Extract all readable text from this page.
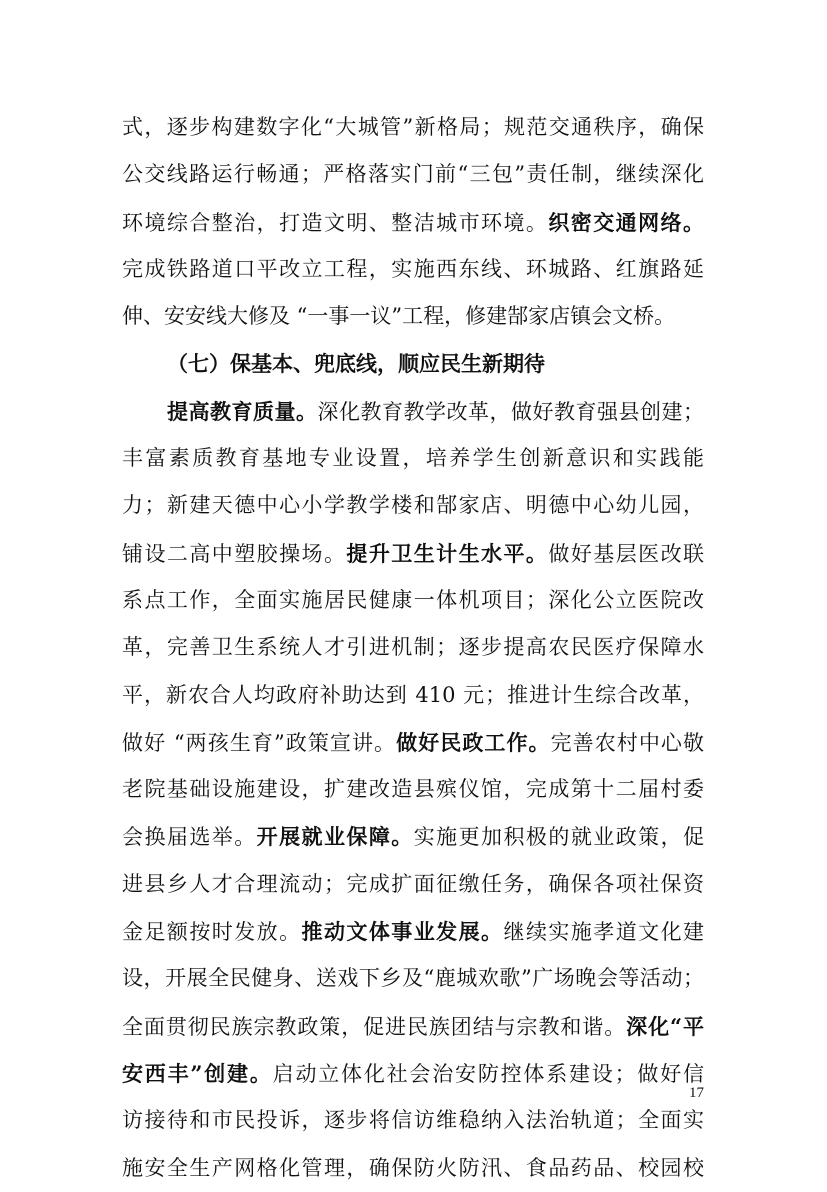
式，逐步构建数字化“大城管”新格局；规范交通秩序，确保
公交线路运行畅通；严格落实门前“三包”责任制，继续深化
环境综合整治，打造文明、整洁城市环境。织密交通网络。
完成铁路道口平改立工程，实施西东线、环城路、红旗路延
伸、安安线大修及 “一事一议”工程，修建郜家店镇会文桥。
（七）保基本、兜底线，顺应民生新期待
提高教育质量。深化教育教学改革，做好教育强县创建；
丰富素质教育基地专业设置，培养学生创新意识和实践能
力；新建天德中心小学教学楼和郜家店、明德中心幼儿园，
铺设二高中塑胶操场。提升卫生计生水平。做好基层医改联
系点工作，全面实施居民健康一体机项目；深化公立医院改
革，完善卫生系统人才引进机制；逐步提高农民医疗保障水
平，新农合人均政府补助达到 410 元；推进计生综合改革，
做好 “两孩生育”政策宣讲。做好民政工作。完善农村中心敬
老院基础设施建设，扩建改造县殡仪馆，完成第十二届村委
会换届选举。开展就业保障。实施更加积极的就业政策，促
进县乡人才合理流动；完成扩面征缴任务，确保各项社保资
金足额按时发放。推动文体事业发展。继续实施孝道文化建
设，开展全民健身、送戏下乡及“鹿城欢歌”广场晚会等活动；
全面贯彻民族宗教政策，促进民族团结与宗教和谐。深化“平
安西丰”创建。启动立体化社会治安防控体系建设；做好信
访接待和市民投诉，逐步将信访维稳纳入法治轨道；全面实
施安全生产网格化管理，确保防火防汛、食品药品、校园校
17
